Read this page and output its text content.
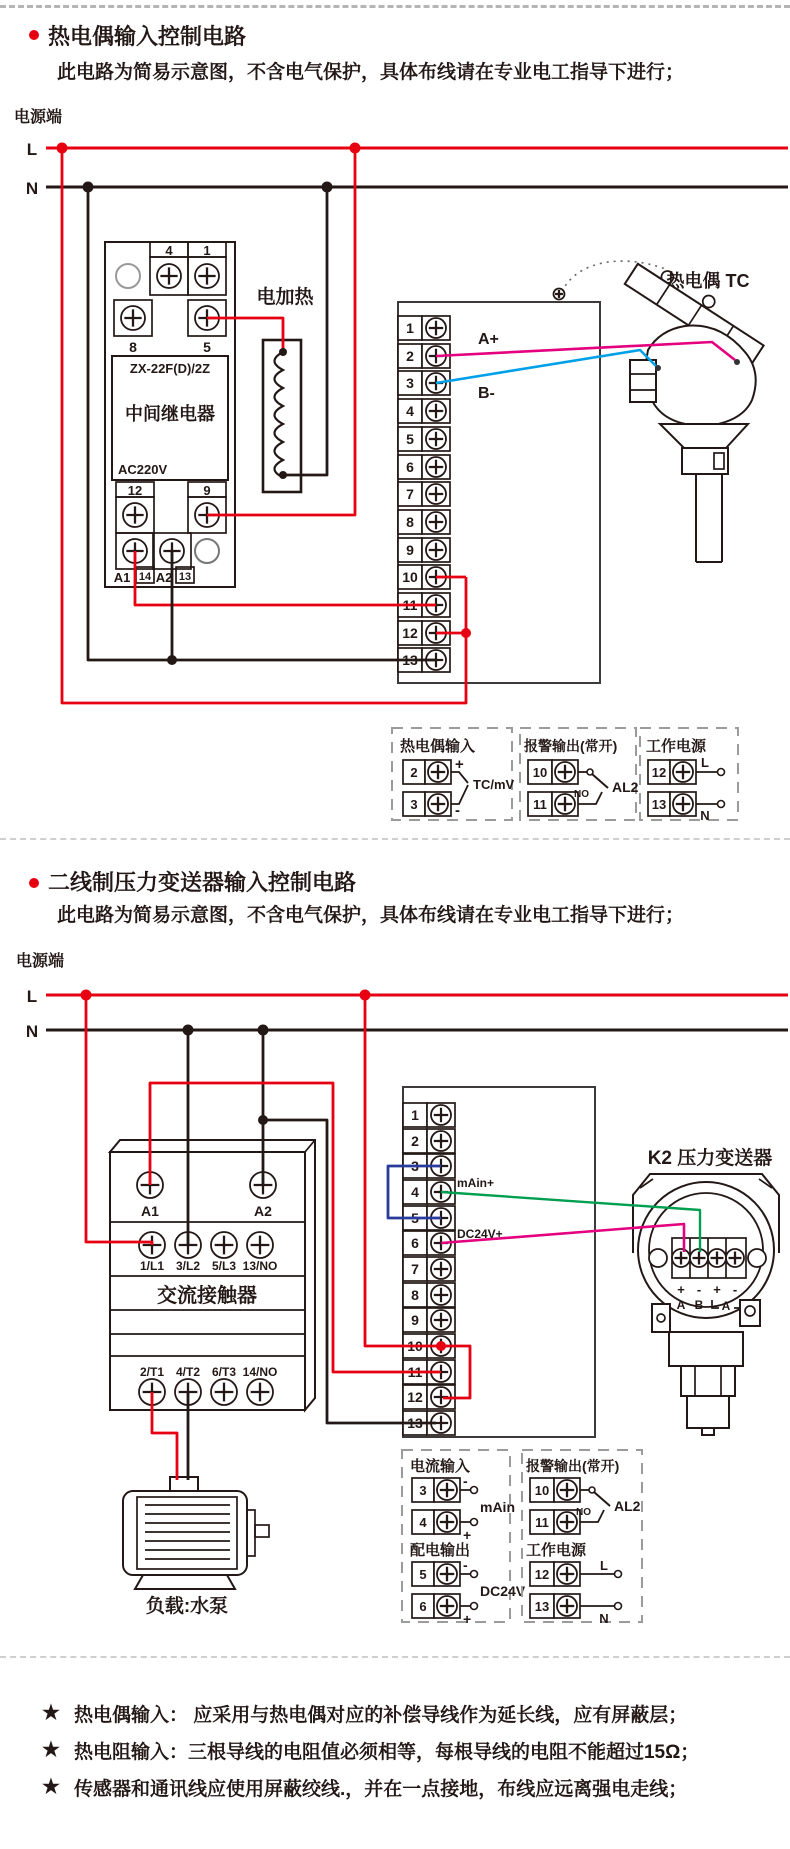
热电偶输入控制电路
此电路为简易示意图，不含电气保护，具体布线请在专业电工指导下进行；
电源端
二线制压力变送器输入控制电路
此电路为简易示意图，不含电气保护，具体布线请在专业电工指导下进行；
电源端
★ 热电偶输入： 应采用与热电偶对应的补偿导线作为延长线，应有屏蔽层；
★ 热电阻输入：三根导线的电阻值必须相等，每根导线的电阻不能超过15Ω；
★ 传感器和通讯线应使用屏蔽绞线.，并在一点接地，布线应远离强电走线；
4 1
8	5
ZX-22F(D)/2Z
中间继电器
AC220V
12	9
A1 14 A2 13
电加热
热电偶 TC
热电偶输入
2
3
+
-
TC/mV
报警输出(常开)
10
11
NO AL2
工作电源
12
13
L
N
A1	A2
1/L1 3/L2 5/L3 13/NO
交流接触器
2/T1 4/T2 6/T3 14/NO
负载:水泵
K2 压力变送器
+ - + -
A B A
电流输入
3
4
-
+
mAin
配电输出
5
6
-
+
DC24V
报警输出(常开)
10
11
NO AL2
工作电源
12
13
L
N
1
2
3
4
5
6
7
8
9
10
11
12
13
1
2
3
4
5
6
7
8
9
10
11
12
13
L
N
L
N
A+
B-
mAin+
DC24V+
